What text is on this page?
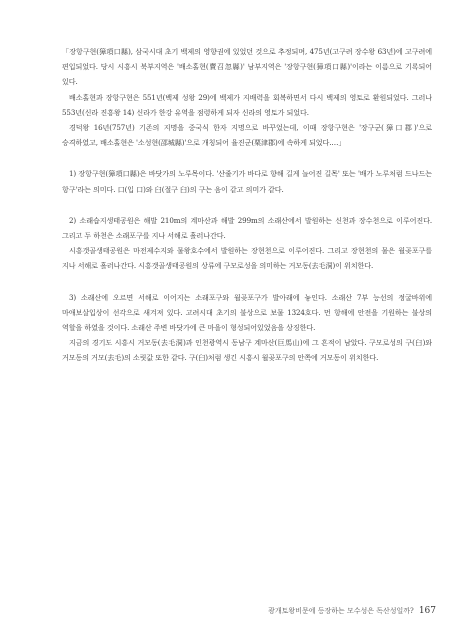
「장항구현(獐項口縣), 삼국시대 초기 백제의 영향권에 있었던 것으로 추정되며, 475년(고구려 장수왕 63년)에 고구려에 편입되었다. 당시 시흥시 북부지역은 '배소홀현(賣召忽縣)' 남부지역은 '장항구현(獐項口縣)'이라는 이름으로 기록되어 있다.

배소홀현과 장항구현은 551년(백제 성왕 29)에 백제가 지배력을 회복하면서 다시 백제의 영토로 환원되었다. 그러나 553년(신라 진흥왕 14) 신라가 한강 유역을 점령하게 되자 신라의 영토가 되었다.

경덕왕 16년(757년) 기존의 지명을 중국식 한자 지명으로 바꾸었는데, 이때 장항구현은 '장구군(獐口郡)'으로 승격하였고, 배소홀현은 '소성현(邵城縣)'으로 개칭되어 율진군(栗津郡)에 속하게 되었다.…」

1) 장항구현(獐項口縣)은 바닷가의 노루목이다. '산줄기가 바다로 향해 길게 늘어진 길목' 또는 '배가 노루처럼 드나드는 항구'라는 의미다. 口(입 口)와 臼(절구 臼)의 구는 음이 같고 의미가 같다.

2) 소래습지생태공원은 해발 210m의 계마산과 해발 299m의 소래산에서 발원하는 신천과 장수천으로 이루어진다. 그리고 두 하천은 소래포구를 지나 서해로 흘러나간다.

시흥갯골생태공원은 마전제수지와 물왕호수에서 발원하는 장현천으로 이루어진다. 그리고 장현천의 물은 월곶포구를 지나 서해로 흘러나간다. 시흥갯골생태공원의 상류에 구모로성을 의미하는 거모동(去毛洞)이 위치한다.

3) 소래산에 오르면 서해로 이어지는 소래포구와 월곶포구가 발아래에 놓인다. 소래산 7부 능선의 정굴바위에 마애보살입상이 선각으로 새겨져 있다. 고려시대 초기의 불상으로 보물 1324호다. 먼 항해에 안전을 기원하는 불상의 역할을 하였을 것이다. 소래산 주변 바닷가에 큰 마을이 형성되어있었음을 상징한다.

지금의 경기도 시흥시 거모동(去毛洞)과 인천광역시 동남구 계마산(巨馬山)에 그 흔적이 남았다. 구모로성의 구(臼)와 거모동의 거모(去毛)의 소릿값 또한 같다. 구(臼)처럼 생긴 시흥시 월곶포구의 안쪽에 거모동이 위치한다.

광개토왕비문에 등장하는 모수성은 독산성일까? 167
